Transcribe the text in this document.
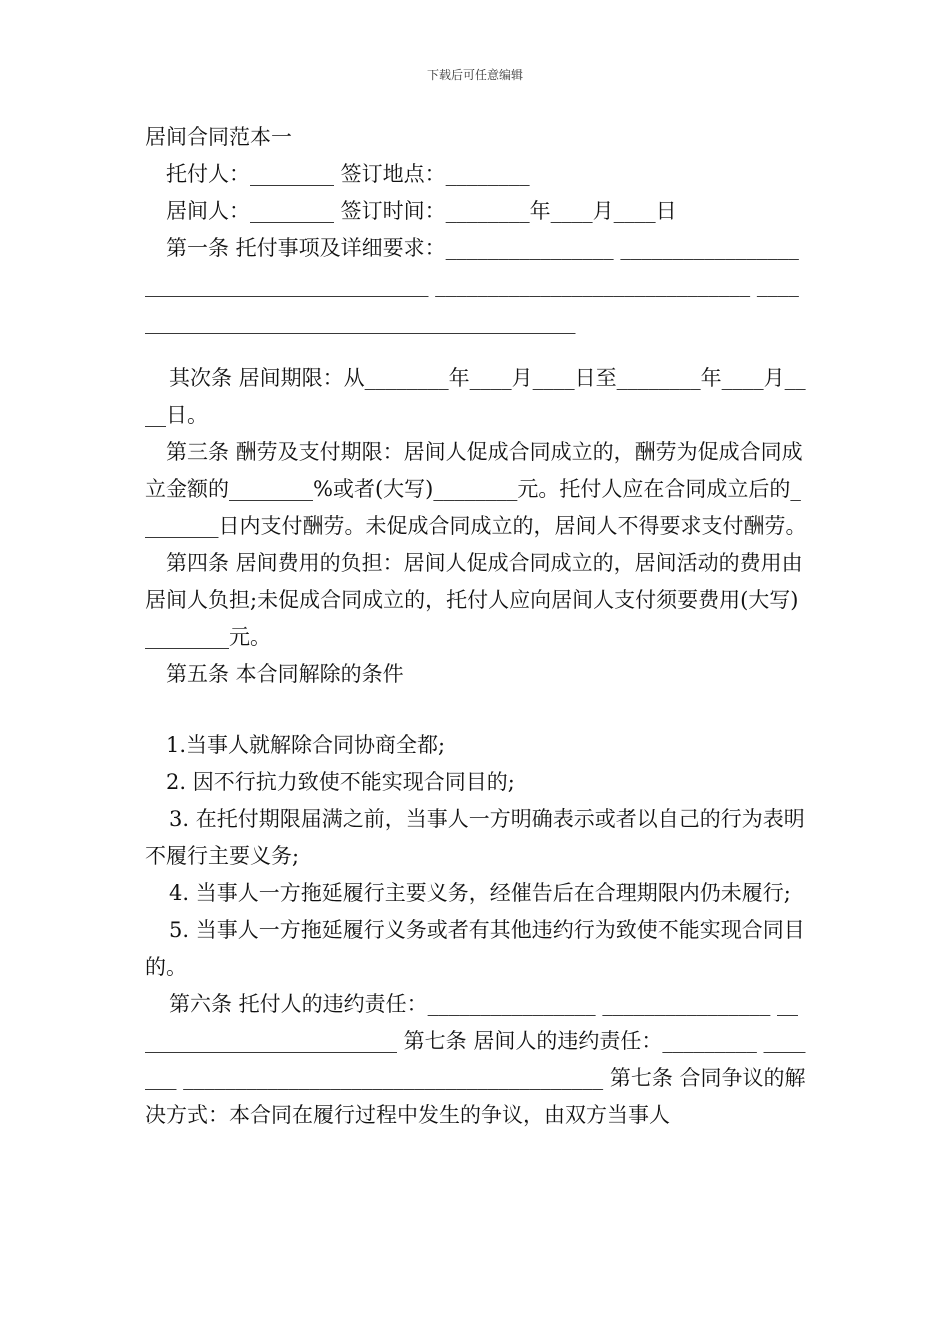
下载后可任意编辑

居间合同范本一

托付人：________ 签订地点：________

居间人：________ 签订时间：________年____月____日

第一条 托付事项及详细要求：________________ ____________________________________________ ______________________________ _____________________________________________

其次条 居间期限：从________年____月____日至________年____月____日。

第三条 酬劳及支付期限：居间人促成合同成立的，酬劳为促成合同成立金额的________%或者(大写)________元。托付人应在合同成立后的________日内支付酬劳。未促成合同成立的，居间人不得要求支付酬劳。

第四条 居间费用的负担：居间人促成合同成立的，居间活动的费用由居间人负担;未促成合同成立的，托付人应向居间人支付须要费用(大写)________元。

第五条 本合同解除的条件

1.当事人就解除合同协商全都;

2. 因不行抗力致使不能实现合同目的;

3. 在托付期限届满之前，当事人一方明确表示或者以自己的行为表明不履行主要义务;

4. 当事人一方拖延履行主要义务，经催告后在合理期限内仍未履行;

5. 当事人一方拖延履行义务或者有其他违约行为致使不能实现合同目的。

第六条 托付人的违约责任：________________ ________________ __________________________ 第七条 居间人的违约责任：_________ _______ ________________________________________ 第七条 合同争议的解决方式：本合同在履行过程中发生的争议，由双方当事人
